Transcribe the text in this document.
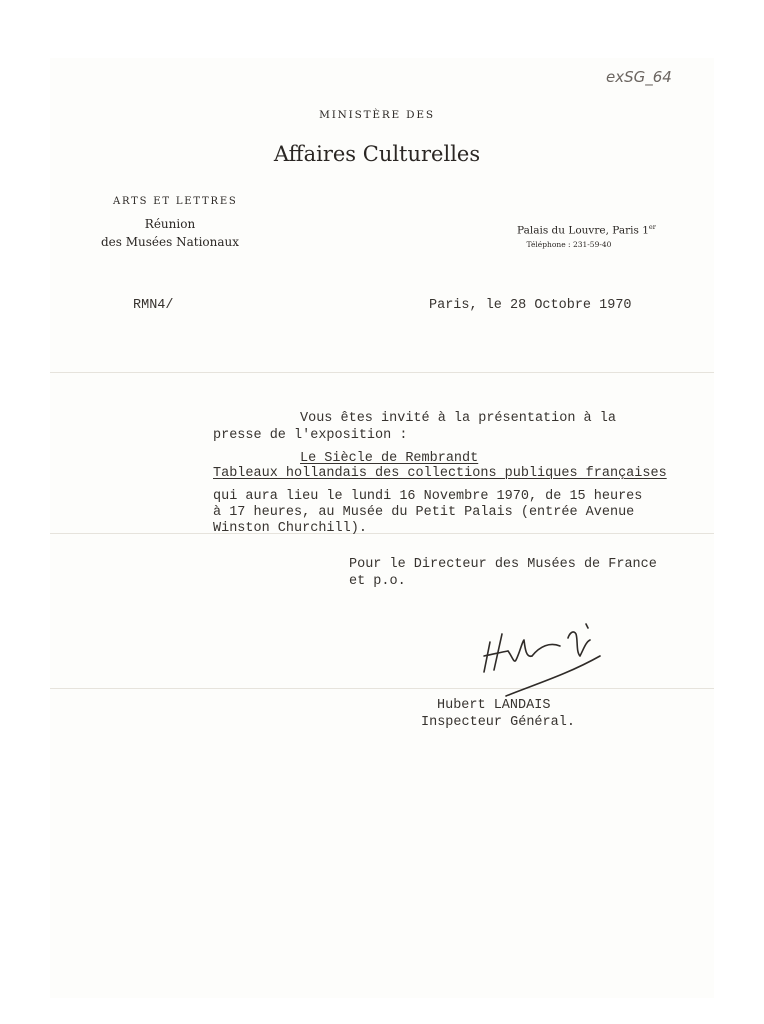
exSG_64
MINISTÈRE DES
Affaires Culturelles
ARTS ET LETTRES
Réunion
des Musées Nationaux
Palais du Louvre, Paris 1er
Téléphone : 231-59-40
RMN4/	Paris, le 28 Octobre 1970
Vous êtes invité à la présentation à la
presse de l'exposition :
Le Siècle de Rembrandt
Tableaux hollandais des collections publiques françaises
qui aura lieu le lundi 16 Novembre 1970, de 15 heures
à 17 heures, au Musée du Petit Palais (entrée Avenue
Winston Churchill).
Pour le Directeur des Musées de France
et p.o.
Hubert LANDAIS
Inspecteur Général.
